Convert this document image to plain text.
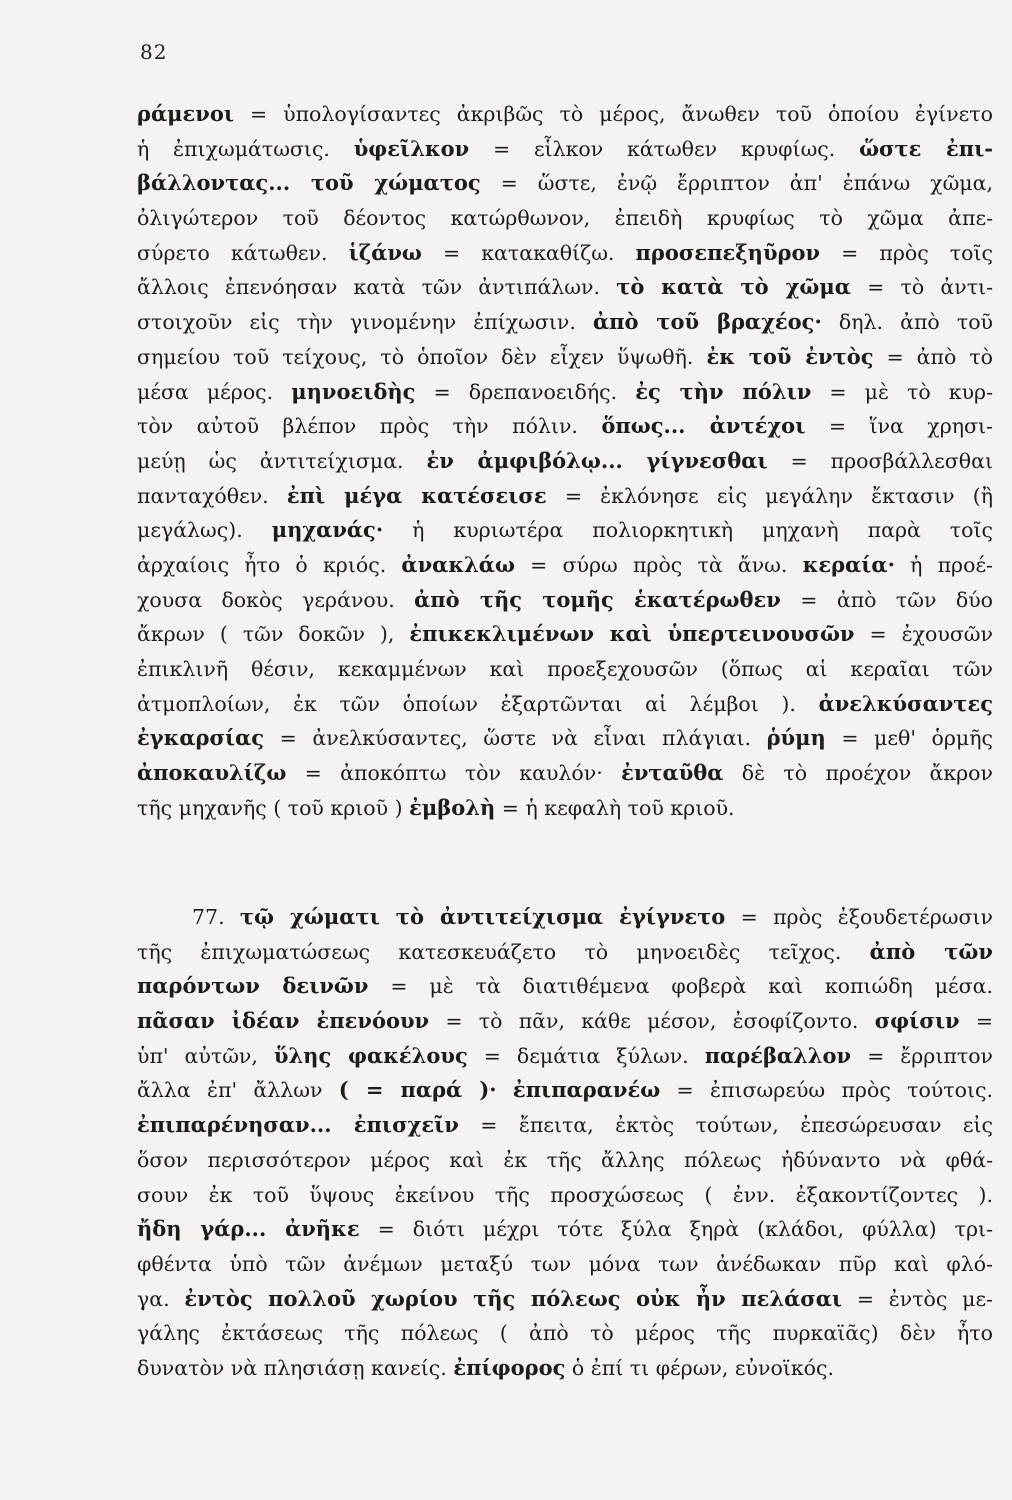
82
ράμενοι = ὑπολογίσαντες ἀκριβῶς τὸ μέρος, ἄνωθεν τοῦ ὁποίου ἐγίνετο
ἡ ἐπιχωμάτωσις. ὑφεῖλκον = εἷλκον κάτωθεν κρυφίως. ὥστε ἐπι-
βάλλοντας... τοῦ χώματος = ὥστε, ἐνῷ ἔρριπτον ἀπ' ἐπάνω χῶμα,
ὀλιγώτερον τοῦ δέοντος κατώρθωνον, ἐπειδὴ κρυφίως τὸ χῶμα ἀπε-
σύρετο κάτωθεν. ἱζάνω = κατακαθίζω. προσεπεξηῦρον = πρὸς τοῖς
ἄλλοις ἐπενόησαν κατὰ τῶν ἀντιπάλων. τὸ κατὰ τὸ χῶμα = τὸ ἀντι-
στοιχοῦν εἰς τὴν γινομένην ἐπίχωσιν. ἀπὸ τοῦ βραχέος· δηλ. ἀπὸ τοῦ
σημείου τοῦ τείχους, τὸ ὁποῖον δὲν εἶχεν ὕψωθῆ. ἐκ τοῦ ἐντὸς = ἀπὸ τὸ
μέσα μέρος. μηνοειδὴς = δρεπανοειδής. ἐς τὴν πόλιν = μὲ τὸ κυρ-
τὸν αὐτοῦ βλέπον πρὸς τὴν πόλιν. ὅπως... ἀντέχοι = ἵνα χρησι-
μεύῃ ὡς ἀντιτείχισμα. ἐν ἀμφιβόλῳ... γίγνεσθαι = προσβάλλεσθαι
πανταχόθεν. ἐπὶ μέγα κατέσεισε = ἐκλόνησε εἰς μεγάλην ἔκτασιν (ἢ
μεγάλως). μηχανάς· ἡ κυριωτέρα πολιορκητικὴ μηχανὴ παρὰ τοῖς
ἀρχαίοις ἦτο ὁ κριός. ἀνακλάω = σύρω πρὸς τὰ ἄνω. κεραία· ἡ προέ-
χουσα δοκὸς γεράνου. ἀπὸ τῆς τομῆς ἑκατέρωθεν = ἀπὸ τῶν δύο
ἄκρων ( τῶν δοκῶν ), ἐπικεκλιμένων καὶ ὑπερτεινουσῶν = ἐχουσῶν
ἐπικλινῆ θέσιν, κεκαμμένων καὶ προεξεχουσῶν (ὅπως αἱ κεραῖαι τῶν
ἀτμοπλοίων, ἐκ τῶν ὁποίων ἐξαρτῶνται αἱ λέμβοι ). ἀνελκύσαντες
ἐγκαρσίας = ἀνελκύσαντες, ὥστε νὰ εἶναι πλάγιαι. ῥύμη = μεθ' ὁρμῆς
ἀποκαυλίζω = ἀποκόπτω τὸν καυλόν· ἐνταῦθα δὲ τὸ προέχον ἄκρον
τῆς μηχανῆς ( τοῦ κριοῦ ) ἐμβολὴ = ἡ κεφαλὴ τοῦ κριοῦ.
77. τῷ χώματι τὸ ἀντιτείχισμα ἐγίγνετο = πρὸς ἐξουδετέρωσιν
τῆς ἐπιχωματώσεως κατεσκευάζετο τὸ μηνοειδὲς τεῖχος. ἀπὸ τῶν
παρόντων δεινῶν = μὲ τὰ διατιθέμενα φοβερὰ καὶ κοπιώδη μέσα.
πᾶσαν ἰδέαν ἐπενόουν = τὸ πᾶν, κάθε μέσον, ἐσοφίζοντο. σφίσιν =
ὑπ' αὐτῶν, ὕλης φακέλους = δεμάτια ξύλων. παρέβαλλον = ἔρριπτον
ἄλλα ἐπ' ἄλλων ( = παρά )· ἐπιπαρανέω = ἐπισωρεύω πρὸς τούτοις.
ἐπιπαρένησαν... ἐπισχεῖν = ἔπειτα, ἐκτὸς τούτων, ἐπεσώρευσαν εἰς
ὅσον περισσότερον μέρος καὶ ἐκ τῆς ἄλλης πόλεως ἠδύναντο νὰ φθά-
σουν ἐκ τοῦ ὕψους ἐκείνου τῆς προσχώσεως ( ἐνν. ἐξακοντίζοντες ).
ἤδη γάρ... ἀνῆκε = διότι μέχρι τότε ξύλα ξηρὰ (κλάδοι, φύλλα) τρι-
φθέντα ὑπὸ τῶν ἀνέμων μεταξύ των μόνα των ἀνέδωκαν πῦρ καὶ φλό-
γα. ἐντὸς πολλοῦ χωρίου τῆς πόλεως οὐκ ἦν πελάσαι = ἐντὸς με-
γάλης ἐκτάσεως τῆς πόλεως ( ἀπὸ τὸ μέρος τῆς πυρκαϊᾶς) δὲν ἦτο
δυνατὸν νὰ πλησιάσῃ κανείς. ἐπίφορος ὁ ἐπί τι φέρων, εὐνοϊκός.
